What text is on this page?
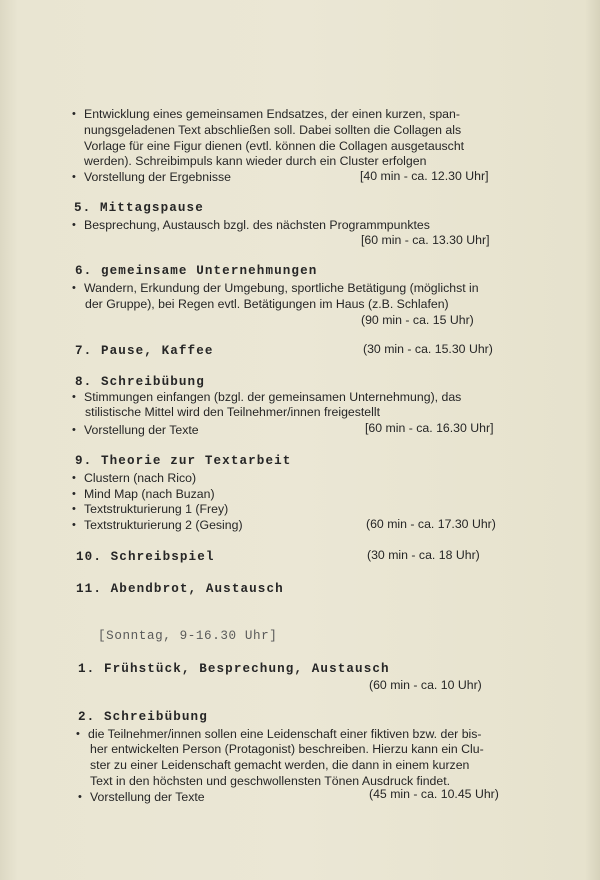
• Entwicklung eines gemeinsamen Endsatzes, der einen kurzen, span-
nungsgeladenen Text abschließen soll. Dabei sollten die Collagen als
Vorlage für eine Figur dienen (evtl. können die Collagen ausgetauscht
werden). Schreibimpuls kann wieder durch ein Cluster erfolgen
• Vorstellung der Ergebnisse	[40 min - ca. 12.30 Uhr]
5. Mittagspause
• Besprechung, Austausch bzgl. des nächsten Programmpunktes
[60 min - ca. 13.30 Uhr]
6. gemeinsame Unternehmungen
• Wandern, Erkundung der Umgebung, sportliche Betätigung (möglichst in
der Gruppe), bei Regen evtl. Betätigungen im Haus (z.B. Schlafen)
(90 min - ca. 15 Uhr)
7. Pause, Kaffee	(30 min - ca. 15.30 Uhr)
8. Schreibübung
• Stimmungen einfangen (bzgl. der gemeinsamen Unternehmung), das
stilistische Mittel wird den Teilnehmer/innen freigestellt
• Vorstellung der Texte	[60 min - ca. 16.30 Uhr]
9. Theorie zur Textarbeit
• Clustern (nach Rico)
• Mind Map (nach Buzan)
• Textstrukturierung 1 (Frey)
• Textstrukturierung 2 (Gesing)	(60 min - ca. 17.30 Uhr)
10. Schreibspiel	(30 min - ca. 18 Uhr)
11. Abendbrot, Austausch
[Sonntag, 9-16.30 Uhr]
1. Frühstück, Besprechung, Austausch
(60 min - ca. 10 Uhr)
2. Schreibübung
• die Teilnehmer/innen sollen eine Leidenschaft einer fiktiven bzw. der bis-
her entwickelten Person (Protagonist) beschreiben. Hierzu kann ein Clu-
ster zu einer Leidenschaft gemacht werden, die dann in einem kurzen
Text in den höchsten und geschwollensten Tönen Ausdruck findet.
• Vorstellung der Texte	(45 min - ca. 10.45 Uhr)
